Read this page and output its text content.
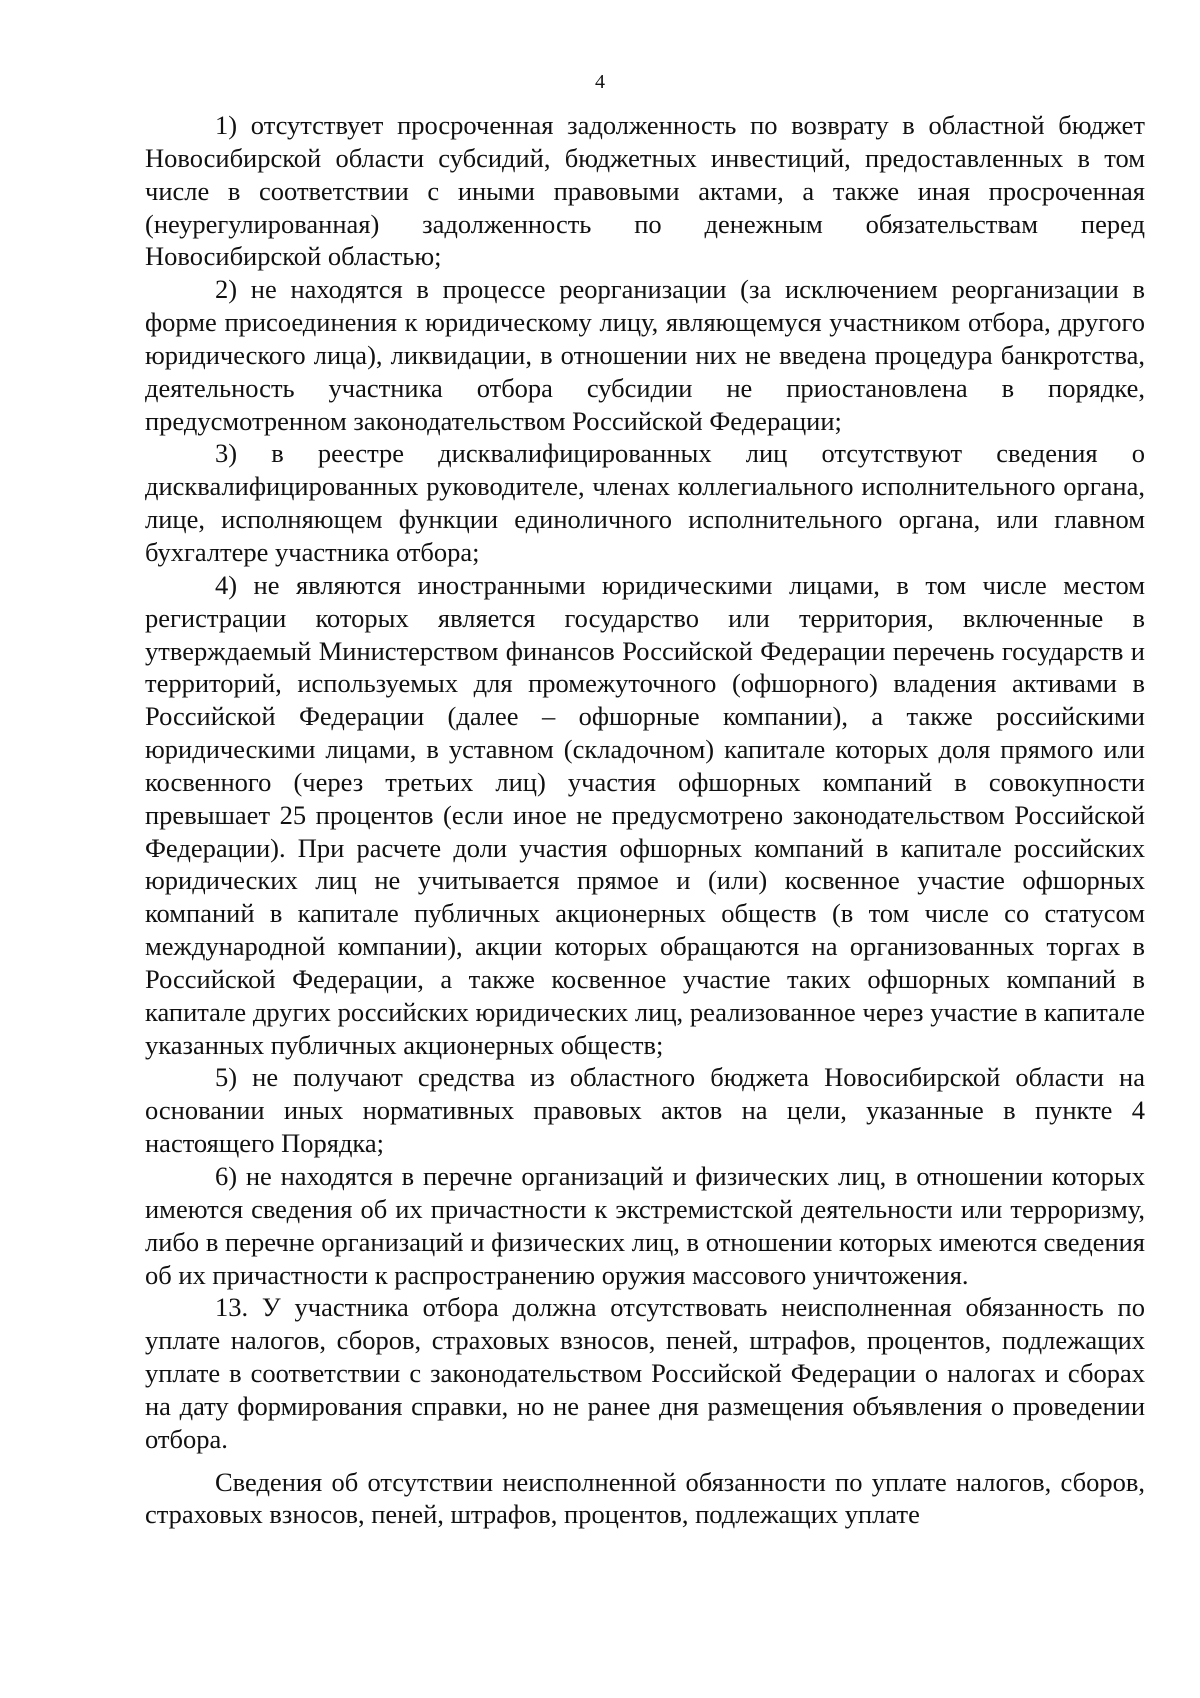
4

1) отсутствует просроченная задолженность по возврату в областной бюджет Новосибирской области субсидий, бюджетных инвестиций, предоставленных в том числе в соответствии с иными правовыми актами, а также иная просроченная (неурегулированная) задолженность по денежным обязательствам перед Новосибирской областью;

2) не находятся в процессе реорганизации (за исключением реорганизации в форме присоединения к юридическому лицу, являющемуся участником отбора, другого юридического лица), ликвидации, в отношении них не введена процедура банкротства, деятельность участника отбора субсидии не приостановлена в порядке, предусмотренном законодательством Российской Федерации;

3) в реестре дисквалифицированных лиц отсутствуют сведения о дисквалифицированных руководителе, членах коллегиального исполнительного органа, лице, исполняющем функции единоличного исполнительного органа, или главном бухгалтере участника отбора;

4) не являются иностранными юридическими лицами, в том числе местом регистрации которых является государство или территория, включенные в утверждаемый Министерством финансов Российской Федерации перечень государств и территорий, используемых для промежуточного (офшорного) владения активами в Российской Федерации (далее – офшорные компании), а также российскими юридическими лицами, в уставном (складочном) капитале которых доля прямого или косвенного (через третьих лиц) участия офшорных компаний в совокупности превышает 25 процентов (если иное не предусмотрено законодательством Российской Федерации). При расчете доли участия офшорных компаний в капитале российских юридических лиц не учитывается прямое и (или) косвенное участие офшорных компаний в капитале публичных акционерных обществ (в том числе со статусом международной компании), акции которых обращаются на организованных торгах в Российской Федерации, а также косвенное участие таких офшорных компаний в капитале других российских юридических лиц, реализованное через участие в капитале указанных публичных акционерных обществ;

5) не получают средства из областного бюджета Новосибирской области на основании иных нормативных правовых актов на цели, указанные в пункте 4 настоящего Порядка;

6) не находятся в перечне организаций и физических лиц, в отношении которых имеются сведения об их причастности к экстремистской деятельности или терроризму, либо в перечне организаций и физических лиц, в отношении которых имеются сведения об их причастности к распространению оружия массового уничтожения.

13. У участника отбора должна отсутствовать неисполненная обязанность по уплате налогов, сборов, страховых взносов, пеней, штрафов, процентов, подлежащих уплате в соответствии с законодательством Российской Федерации о налогах и сборах на дату формирования справки, но не ранее дня размещения объявления о проведении отбора.

Сведения об отсутствии неисполненной обязанности по уплате налогов, сборов, страховых взносов, пеней, штрафов, процентов, подлежащих уплате
